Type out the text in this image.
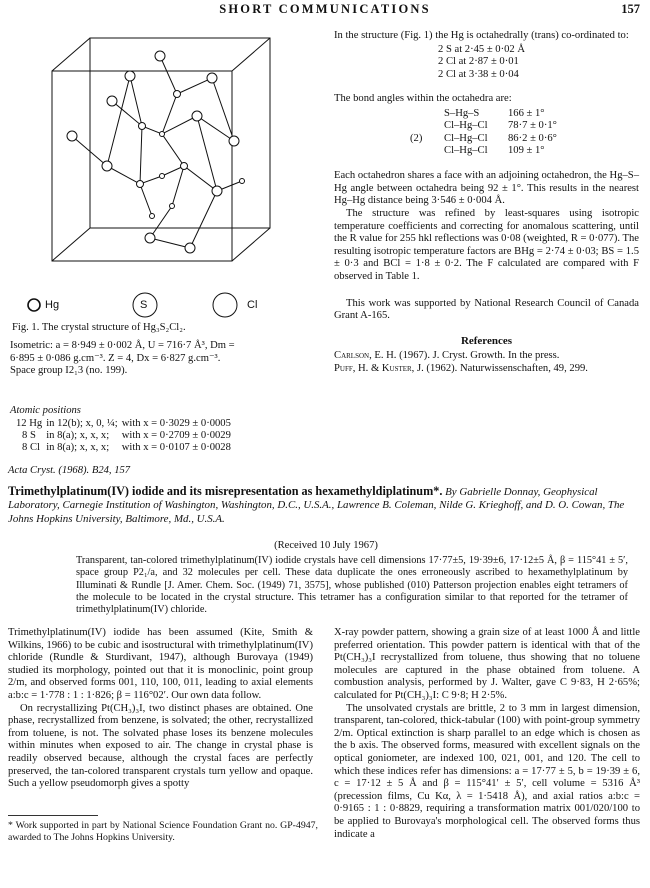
SHORT COMMUNICATIONS	157
Hg	S	Cl
Fig. 1. The crystal structure of Hg₃S₂Cl₂.

Isometric: a = 8·949 ± 0·002 Å, U = 716·7 Å³, Dm =

6·895 ± 0·086 g.cm⁻³. Z = 4, Dx = 6·827 g.cm⁻³.

Space group I2₁3 (no. 199).

Atomic positions

12 Hg	in 12(b); x, 0, ¼;	with x = 0·3029 ± 0·0005
8 S	in 8(a); x, x, x;	with x = 0·2709 ± 0·0029
8 Cl	in 8(a); x, x, x;	with x = 0·0107 ± 0·0028

In the structure (Fig. 1) the Hg is octahedrally (trans) co-ordinated to:

2 S at 2·45 ± 0·02 Å

2 Cl at 2·87 ± 0·01

2 Cl at 3·38 ± 0·04

The bond angles within the octahedra are:

	S–Hg–S	166 ± 1°
	Cl–Hg–Cl	78·7 ± 0·1°
(2)	Cl–Hg–Cl	86·2 ± 0·6°
	Cl–Hg–Cl	109 ± 1°

Each octahedron shares a face with an adjoining octahedron, the Hg–S–Hg angle between octahedra being 92 ± 1°. This results in the nearest Hg–Hg distance being 3·546 ± 0·004 Å.

The structure was refined by least-squares using isotropic temperature coefficients and correcting for anomalous scattering, until the R value for 255 hkl reflections was 0·08 (weighted, R = 0·077). The resulting isotropic temperature factors are BHg = 2·74 ± 0·03; BS = 1.5 ± 0·3 and BCl = 1·8 ± 0·2. The F calculated are compared with F observed in Table 1.

This work was supported by National Research Council of Canada Grant A-165.

References

Carlson, E. H. (1967). J. Cryst. Growth. In the press.

Puff, H. & Kuster, J. (1962). Naturwissenschaften, 49, 299.

Acta Cryst. (1968). B24, 157
Trimethylplatinum(IV) iodide and its misrepresentation as hexamethyldiplatinum*. By Gabrielle Donnay, Geophysical Laboratory, Carnegie Institution of Washington, Washington, D.C., U.S.A., Lawrence B. Coleman, Nilde G. Krieghoff, and D. O. Cowan, The Johns Hopkins University, Baltimore, Md., U.S.A.
(Received 10 July 1967)
Transparent, tan-colored trimethylplatinum(IV) iodide crystals have cell dimensions 17·77±5, 19·39±6, 17·12±5 Å, β = 115°41 ± 5′, space group P2₁/a, and 32 molecules per cell. These data duplicate the ones erroneously ascribed to hexamethylplatinum by Illuminati & Rundle [J. Amer. Chem. Soc. (1949) 71, 3575], whose published (010) Patterson projection enables eight tetramers of the molecule to be located in the crystal structure. This tetramer has a configuration similar to that reported for the tetramer of trimethylplatinum(IV) chloride.

Trimethylplatinum(IV) iodide has been assumed (Kite, Smith & Wilkins, 1966) to be cubic and isostructural with trimethylplatinum(IV) chloride (Rundle & Sturdivant, 1947), although Burovaya (1949) studied its morphology, pointed out that it is monoclinic, point group 2/m, and observed forms 001, 110, 100, 011, leading to axial elements a:b:c = 1·778 : 1 : 1·826; β = 116°02′. Our own data follow.

On recrystallizing Pt(CH₃)₃I, two distinct phases are obtained. One phase, recrystallized from benzene, is solvated; the other, recrystallized from toluene, is not. The solvated phase loses its benzene molecules within minutes when exposed to air. The change in crystal phase is readily observed because, although the crystal faces are perfectly preserved, the tan-colored transparent crystals turn yellow and opaque. Such a yellow pseudomorph gives a spotty

X-ray powder pattern, showing a grain size of at least 1000 Å and little preferred orientation. This powder pattern is identical with that of the Pt(CH₃)₃I recrystallized from toluene, thus showing that no toluene molecules are captured in the phase obtained from toluene. A combustion analysis, performed by J. Walter, gave C 9·83, H 2·65%; calculated for Pt(CH₃)₃I: C 9·8; H 2·5%.

The unsolvated crystals are brittle, 2 to 3 mm in largest dimension, transparent, tan-colored, thick-tabular (100) with point-group symmetry 2/m. Optical extinction is sharp parallel to an edge which is chosen as the b axis. The observed forms, measured with excellent signals on the optical goniometer, are indexed 100, 021, 001, and 120. The cell to which these indices refer has dimensions: a = 17·77 ± 5, b = 19·39 ± 6, c = 17·12 ± 5 Å and β = 115°41′ ± 5′, cell volume = 5316 Å³ (precession films, Cu Kα, λ = 1·5418 Å), and axial ratios a:b:c = 0·9165 : 1 : 0·8829, requiring a transformation matrix 001/020/100 to be applied to Burovaya's morphological cell. The observed forms thus indicate a

* Work supported in part by National Science Foundation Grant no. GP-4947, awarded to The Johns Hopkins University.
